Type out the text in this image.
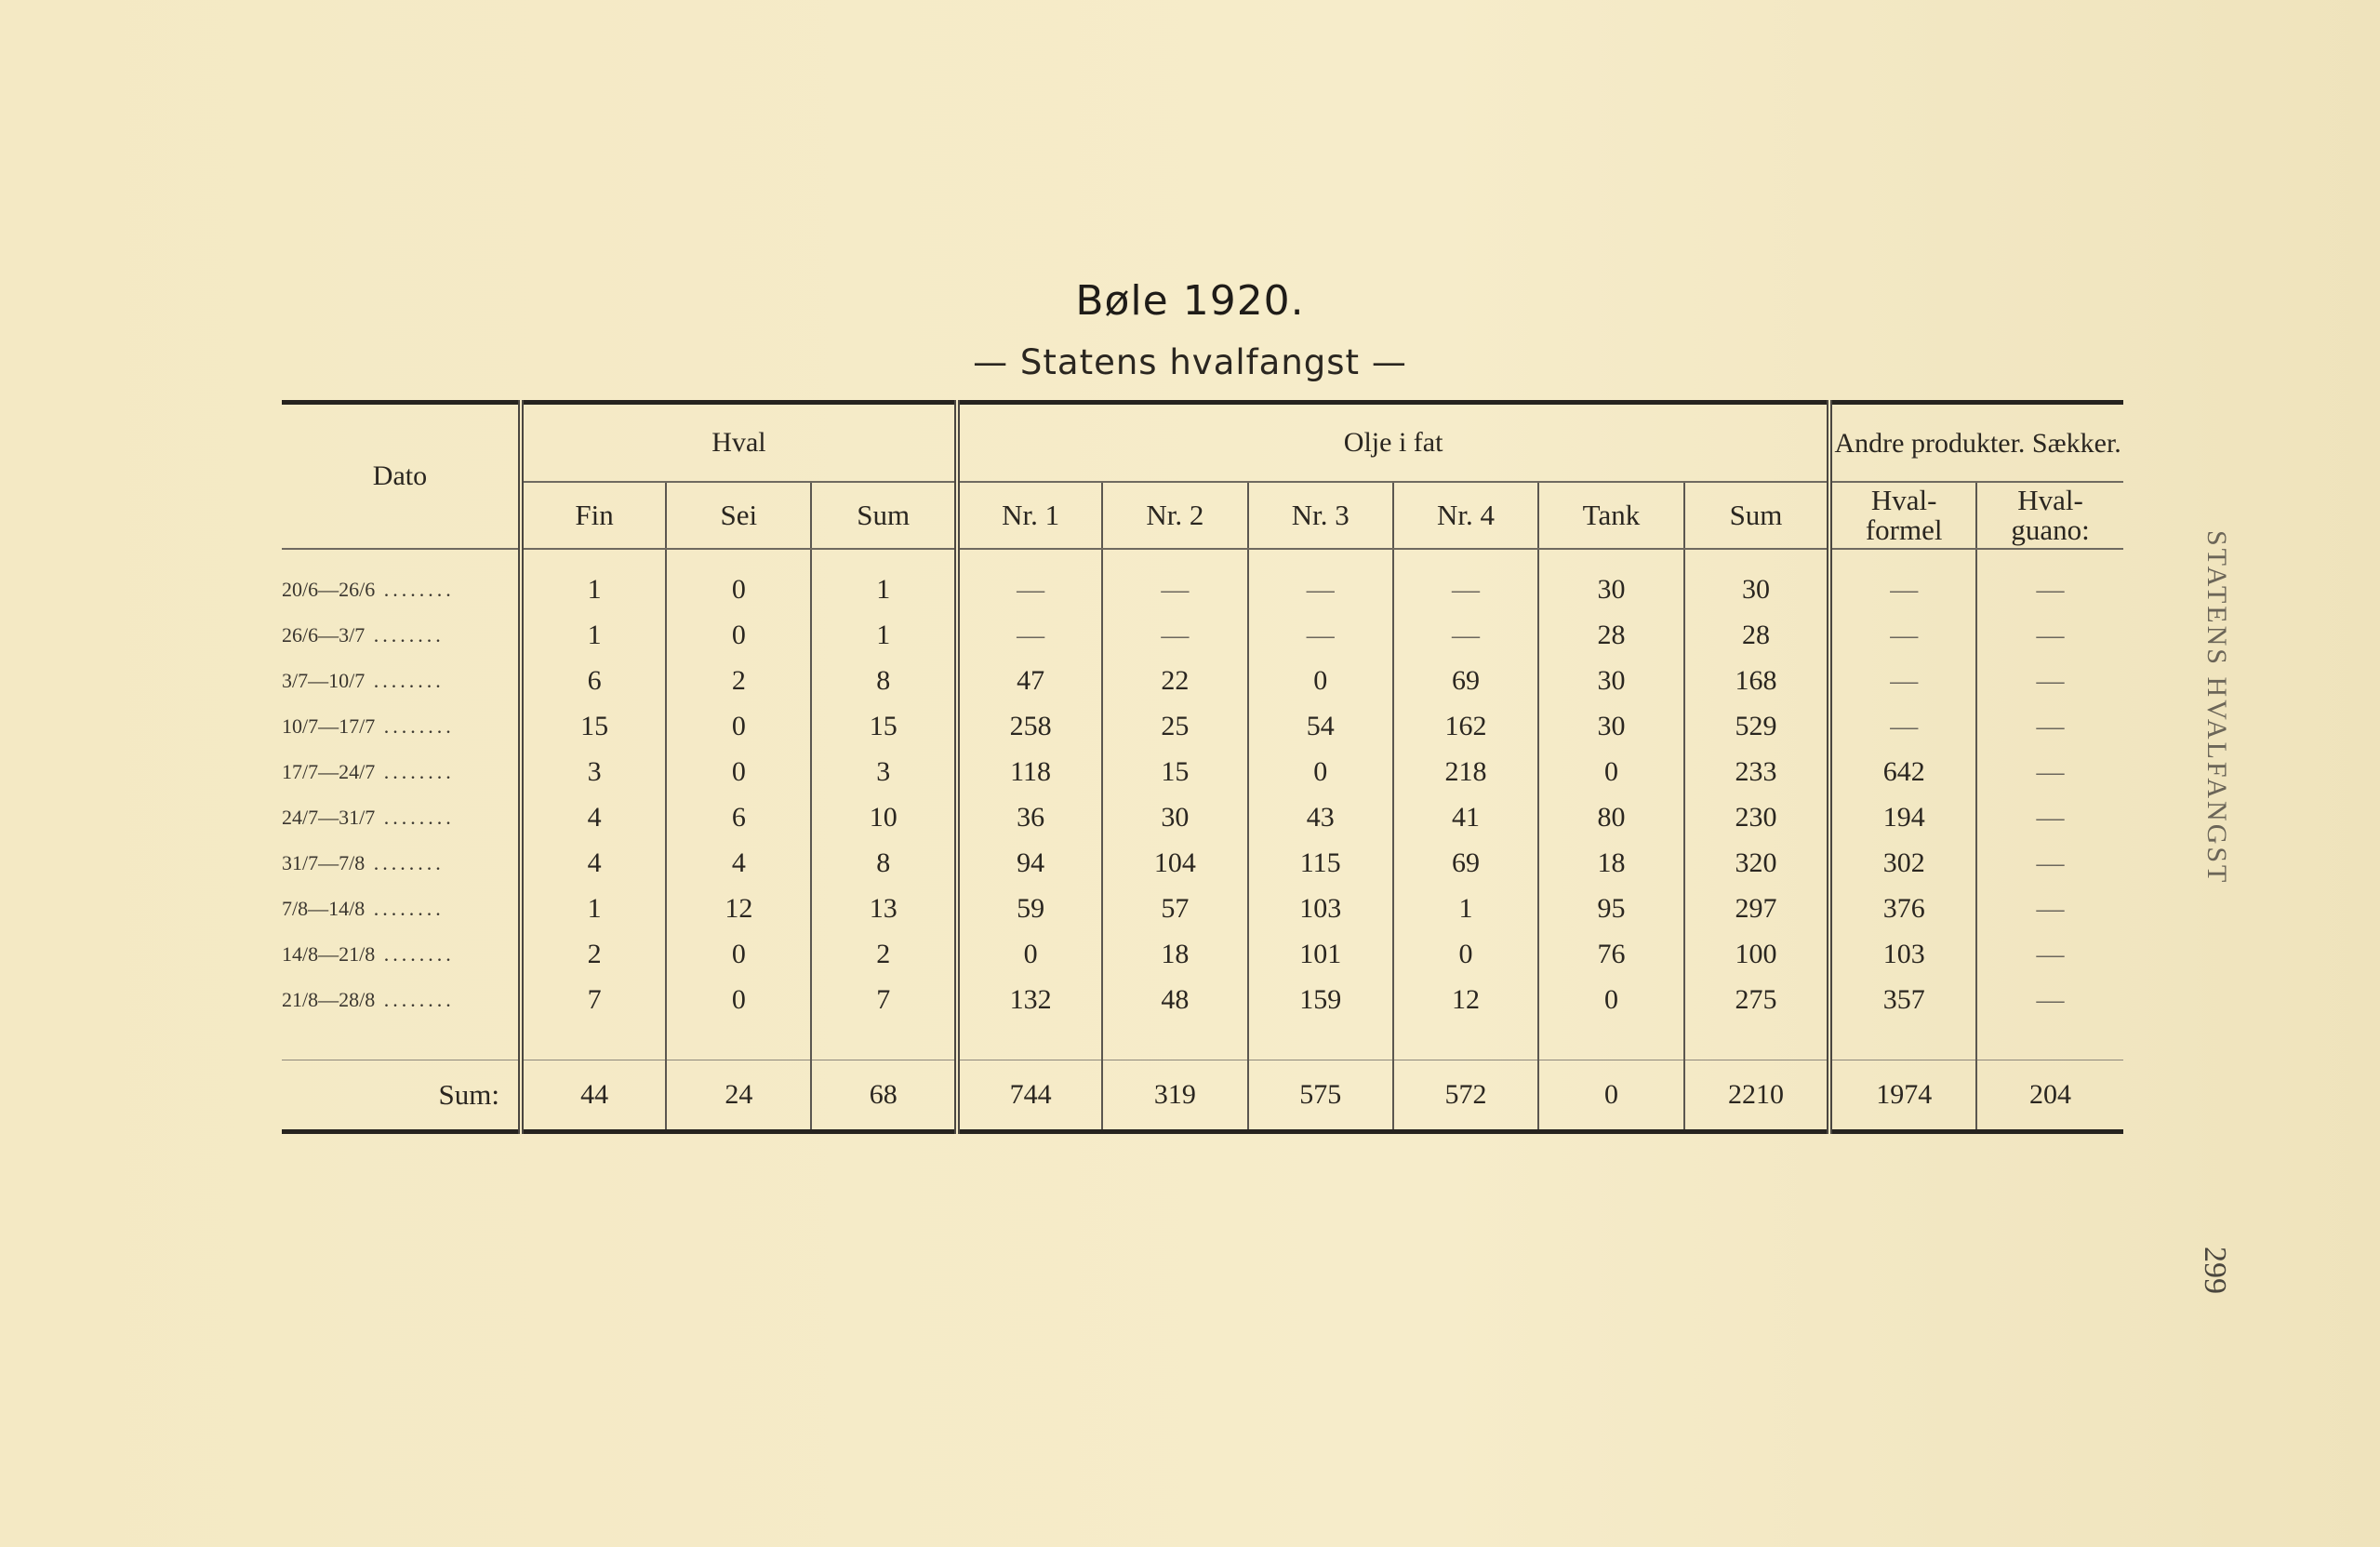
Bøle 1920.
— Statens hvalfangst —
Dato	Hval			Olje i fat						Andre produkter. Sækker.	
	Fin	Sei	Sum	Nr. 1	Nr. 2	Nr. 3	Nr. 4	Tank	Sum	Hval- formel	Hval- guano:

20/6—26/6 ........	1	0	1	—	—	—	—	30	30	—	—
26/6—3/7 ........	1	0	1	—	—	—	—	28	28	—	—
3/7—10/7 ........	6	2	8	47	22	0	69	30	168	—	—
10/7—17/7 ........	15	0	15	258	25	54	162	30	529	—	—
17/7—24/7 ........	3	0	3	118	15	0	218	0	233	642	—
24/7—31/7 ........	4	6	10	36	30	43	41	80	230	194	—
31/7—7/8 ........	4	4	8	94	104	115	69	18	320	302	—
7/8—14/8 ........	1	12	13	59	57	103	1	95	297	376	—
14/8—21/8 ........	2	0	2	0	18	101	0	76	100	103	—
21/8—28/8 ........	7	0	7	132	48	159	12	0	275	357	—

Sum:	44	24	68	744	319	575	572	0	2210	1974	204
STATENS HVALFANGST
299
